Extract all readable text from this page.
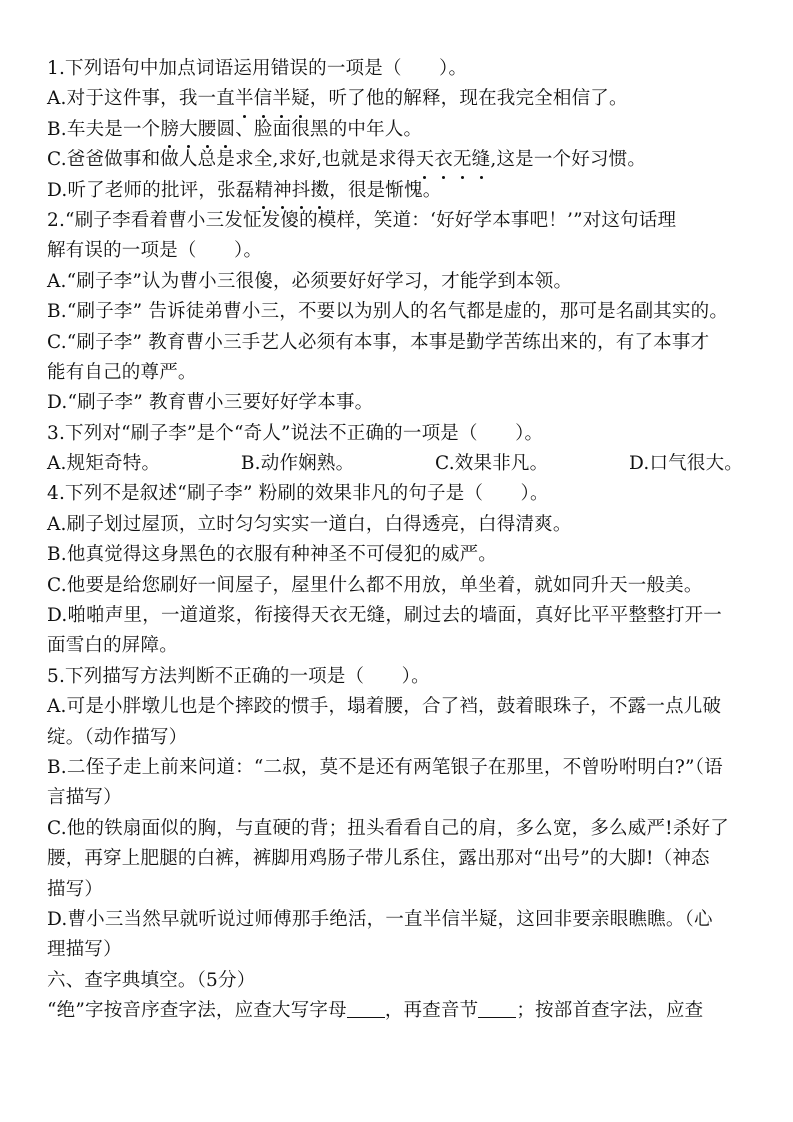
1.下列语句中加点词语运用错误的一项是（　　）。
A.对于这件事，我一直半信半疑，听了他的解释，现在我完全相信了。
B.车夫是一个膀大腰圆、脸面很黑的中年人。
C.爸爸做事和做人总是求全,求好,也就是求得天衣无缝,这是一个好习惯。
D.听了老师的批评，张磊精神抖擞，很是惭愧。
2.“刷子李看着曹小三发怔发傻的模样，笑道：‘好好学本事吧！’”对这句话理
解有误的一项是（　　）。
A.“刷子李”认为曹小三很傻，必须要好好学习，才能学到本领。
B.“刷子李” 告诉徒弟曹小三，不要以为别人的名气都是虚的，那可是名副其实的。
C.“刷子李” 教育曹小三手艺人必须有本事，本事是勤学苦练出来的，有了本事才
能有自己的尊严。
D.“刷子李” 教育曹小三要好好学本事。
3.下列对“刷子李”是个“奇人”说法不正确的一项是（　　）。
A.规矩奇特。	B.动作娴熟。	C.效果非凡。	D.口气很大。
4.下列不是叙述“刷子李” 粉刷的效果非凡的句子是（　　）。
A.刷子划过屋顶，立时匀匀实实一道白，白得透亮，白得清爽。
B.他真觉得这身黑色的衣服有种神圣不可侵犯的威严。
C.他要是给您刷好一间屋子，屋里什么都不用放，单坐着，就如同升天一般美。
D.啪啪声里，一道道浆，衔接得天衣无缝，刷过去的墙面，真好比平平整整打开一
面雪白的屏障。
5.下列描写方法判断不正确的一项是（　　）。
A.可是小胖墩儿也是个摔跤的惯手，塌着腰，合了裆，鼓着眼珠子，不露一点儿破
绽。（动作描写）
B.二侄子走上前来问道：“二叔，莫不是还有两笔银子在那里，不曾吩咐明白?”（语
言描写）
C.他的铁扇面似的胸，与直硬的背；扭头看看自己的肩，多么宽，多么威严!杀好了
腰，再穿上肥腿的白裤，裤脚用鸡肠子带儿系住，露出那对“出号”的大脚!（神态
描写）
D.曹小三当然早就听说过师傅那手绝活，一直半信半疑，这回非要亲眼瞧瞧。（心
理描写）
六、查字典填空。（5分）
“绝”字按音序查字法，应查大写字母 ，再查音节 ；按部首查字法，应查
